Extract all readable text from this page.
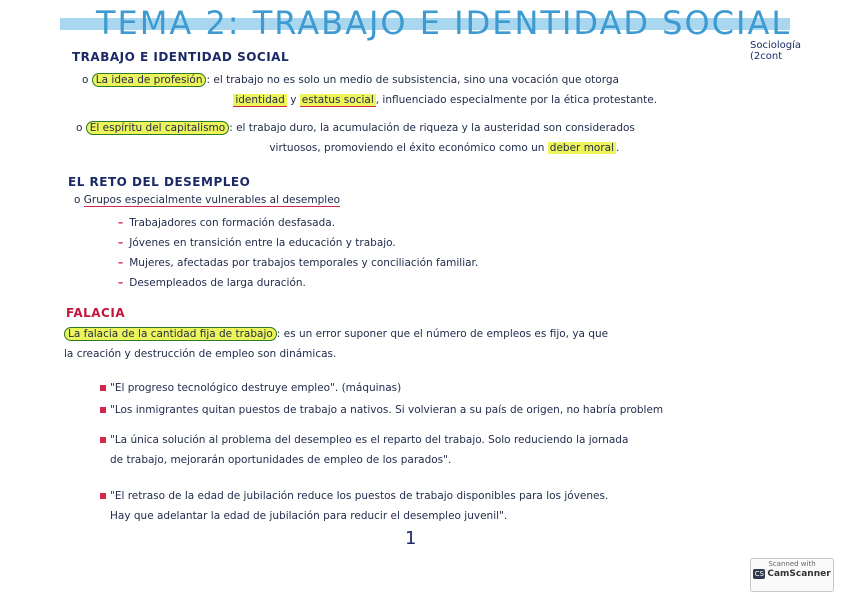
TEMA 2: TRABAJO E IDENTIDAD SOCIAL
Sociología (2cont
TRABAJO E IDENTIDAD SOCIAL
o La idea de profesión : el trabajo no es solo un medio de subsistencia, sino una vocación que otorga
identidad y estatus social , influenciado especialmente por la ética protestante.
o El espíritu del capitalismo : el trabajo duro, la acumulación de riqueza y la austeridad son considerados
virtuosos, promoviendo el éxito económico como un deber moral .
EL RETO DEL DESEMPLEO
o Grupos especialmente vulnerables al desempleo
– Trabajadores con formación desfasada.
– Jóvenes en transición entre la educación y trabajo.
– Mujeres, afectadas por trabajos temporales y conciliación familiar.
– Desempleados de larga duración.
FALACIA
La falacia de la cantidad fija de trabajo : es un error suponer que el número de empleos es fijo, ya que
la creación y destrucción de empleo son dinámicas.
"El progreso tecnológico destruye empleo". (máquinas)
"Los inmigrantes quitan puestos de trabajo a nativos. Si volvieran a su país de origen, no habría problem
"La única solución al problema del desempleo es el reparto del trabajo. Solo reduciendo la jornada
de trabajo, mejorarán oportunidades de empleo de los parados".
"El retraso de la edad de jubilación reduce los puestos de trabajo disponibles para los jóvenes.
Hay que adelantar la edad de jubilación para reducir el desempleo juvenil".
1
Scanned with
CS CamScanner
